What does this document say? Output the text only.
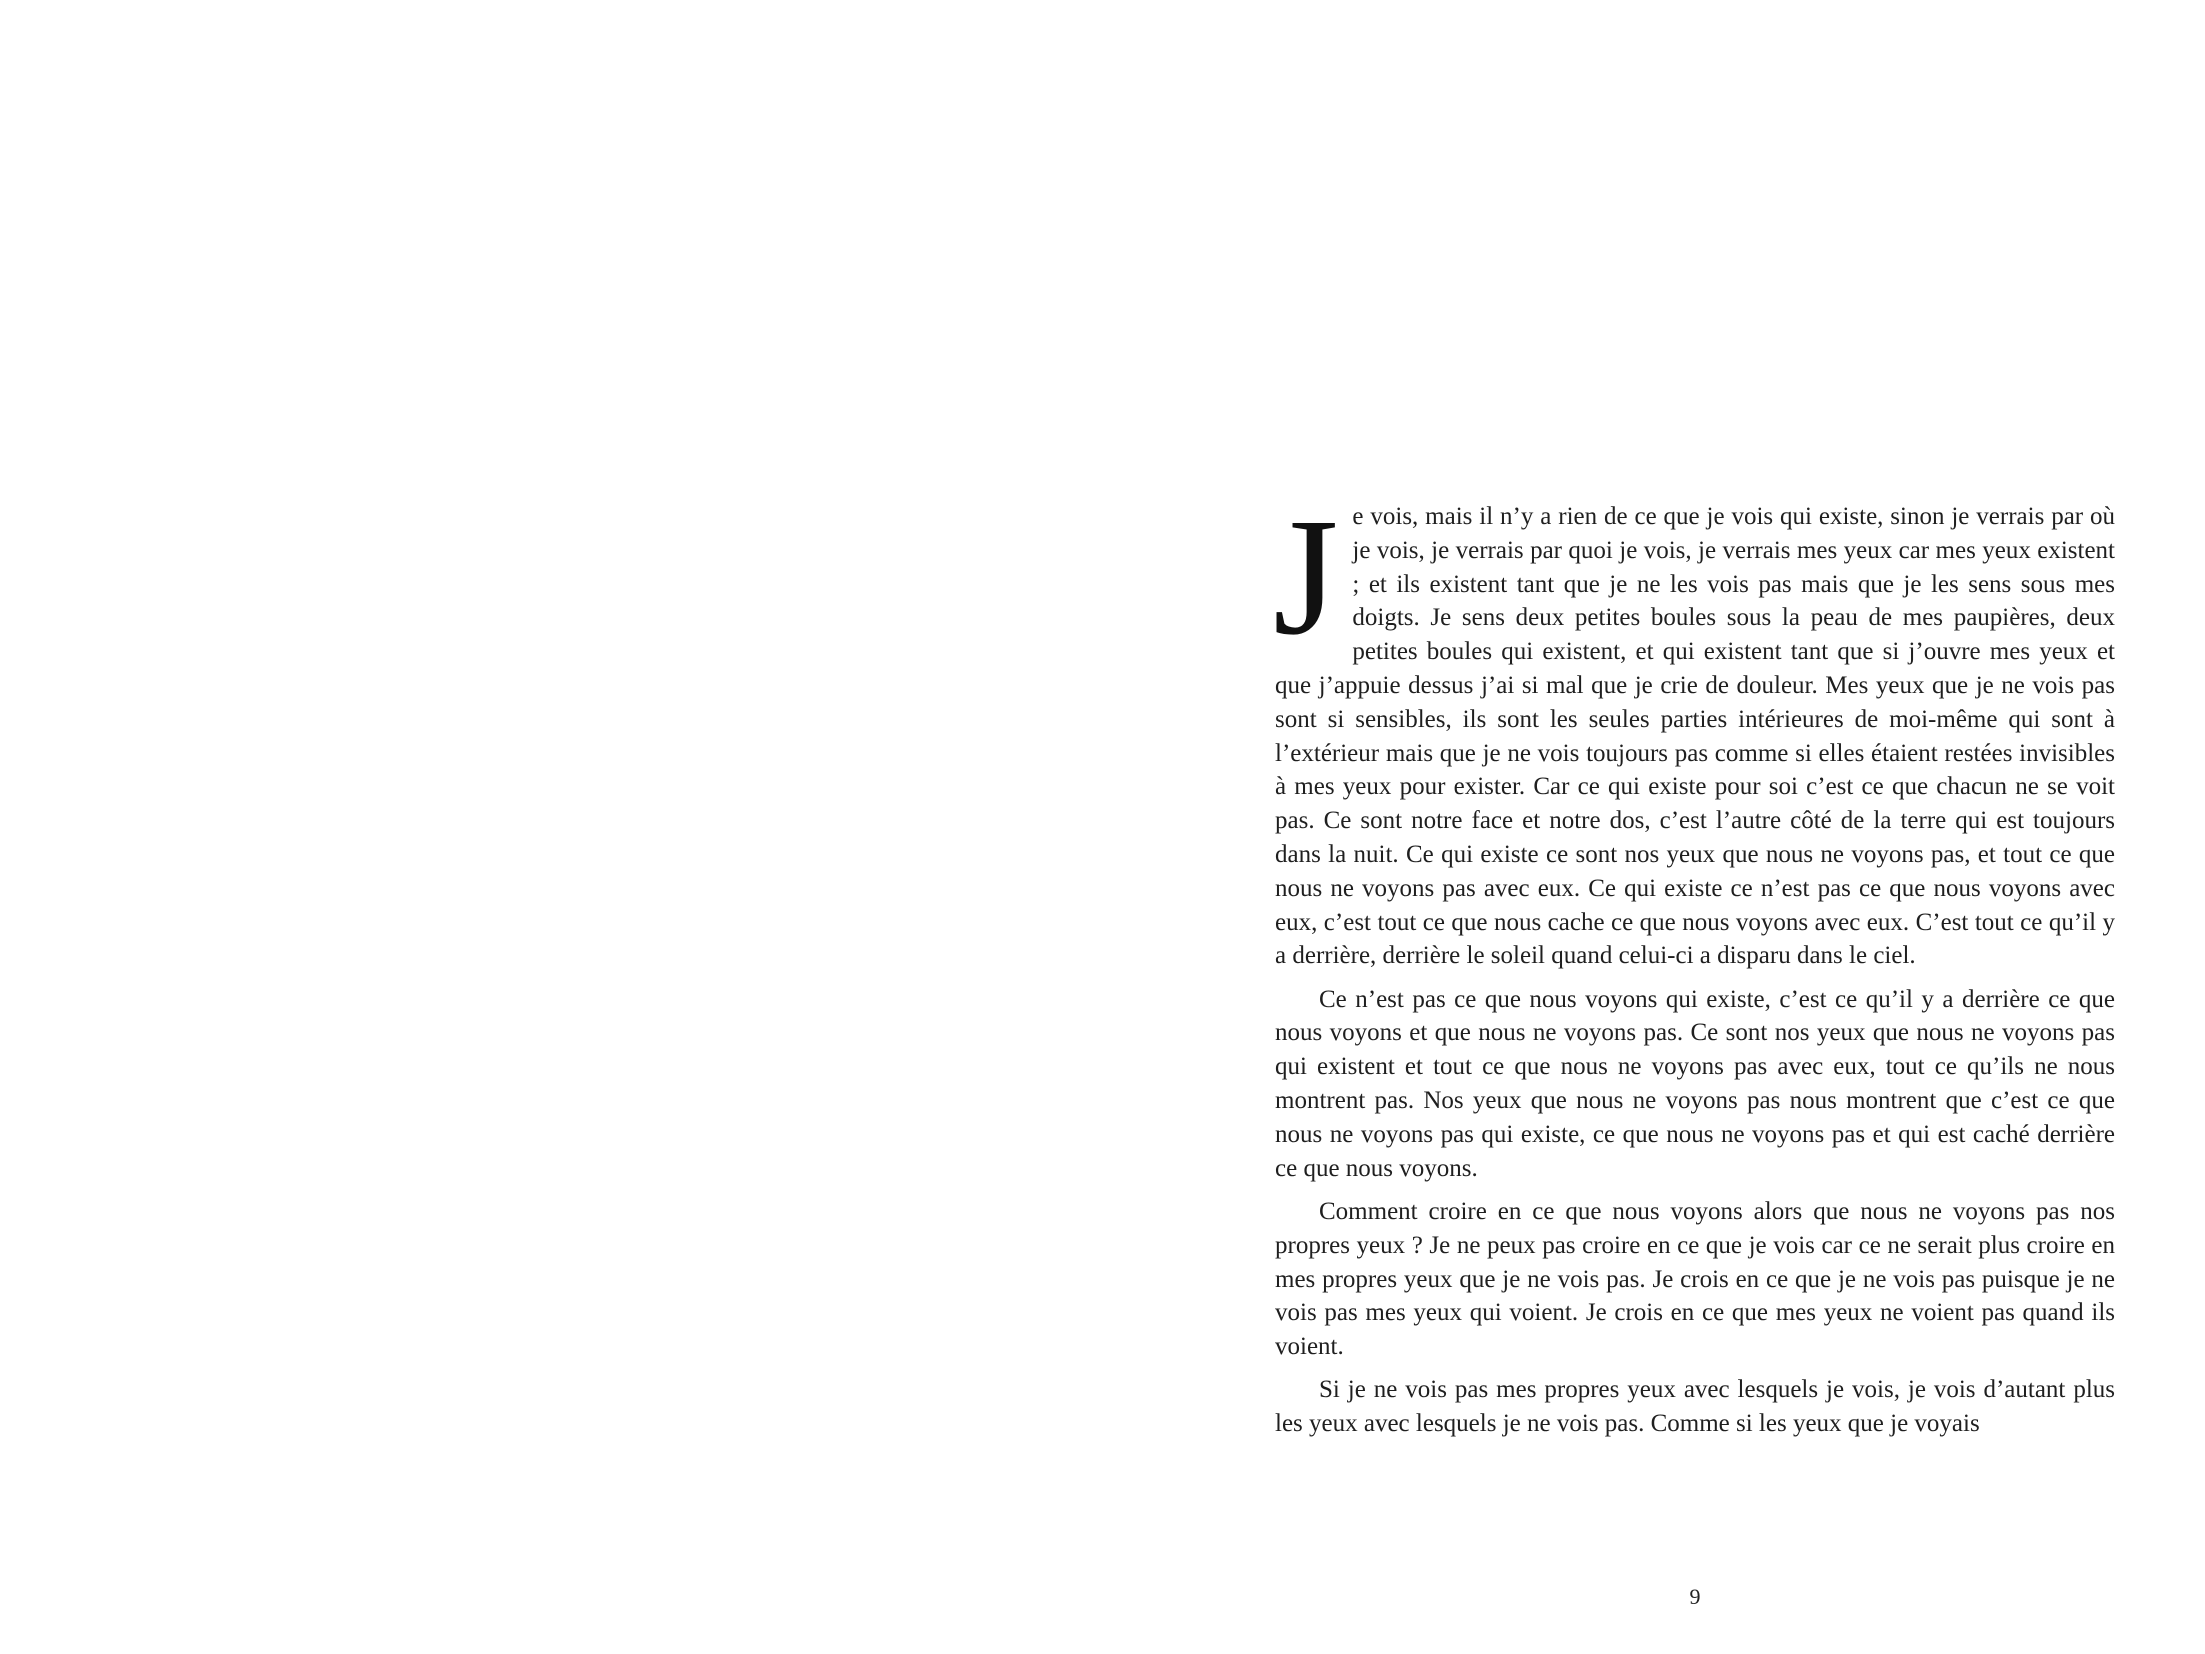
Je vois, mais il n’y a rien de ce que je vois qui existe, sinon je verrais par où je vois, je verrais par quoi je vois, je verrais mes yeux car mes yeux existent ; et ils existent tant que je ne les vois pas mais que je les sens sous mes doigts. Je sens deux petites boules sous la peau de mes paupières, deux petites boules qui existent, et qui existent tant que si j’ouvre mes yeux et que j’appuie dessus j’ai si mal que je crie de douleur. Mes yeux que je ne vois pas sont si sensibles, ils sont les seules parties intérieures de moi-même qui sont à l’extérieur mais que je ne vois toujours pas comme si elles étaient restées invisibles à mes yeux pour exister. Car ce qui existe pour soi c’est ce que chacun ne se voit pas. Ce sont notre face et notre dos, c’est l’autre côté de la terre qui est toujours dans la nuit. Ce qui existe ce sont nos yeux que nous ne voyons pas, et tout ce que nous ne voyons pas avec eux. Ce qui existe ce n’est pas ce que nous voyons avec eux, c’est tout ce que nous cache ce que nous voyons avec eux. C’est tout ce qu’il y a derrière, derrière le soleil quand celui-ci a disparu dans le ciel.

Ce n’est pas ce que nous voyons qui existe, c’est ce qu’il y a derrière ce que nous voyons et que nous ne voyons pas. Ce sont nos yeux que nous ne voyons pas qui existent et tout ce que nous ne voyons pas avec eux, tout ce qu’ils ne nous montrent pas. Nos yeux que nous ne voyons pas nous montrent que c’est ce que nous ne voyons pas qui existe, ce que nous ne voyons pas et qui est caché derrière ce que nous voyons.

Comment croire en ce que nous voyons alors que nous ne voyons pas nos propres yeux ? Je ne peux pas croire en ce que je vois car ce ne serait plus croire en mes propres yeux que je ne vois pas. Je crois en ce que je ne vois pas puisque je ne vois pas mes yeux qui voient. Je crois en ce que mes yeux ne voient pas quand ils voient.

Si je ne vois pas mes propres yeux avec lesquels je vois, je vois d’autant plus les yeux avec lesquels je ne vois pas. Comme si les yeux que je voyais

9
